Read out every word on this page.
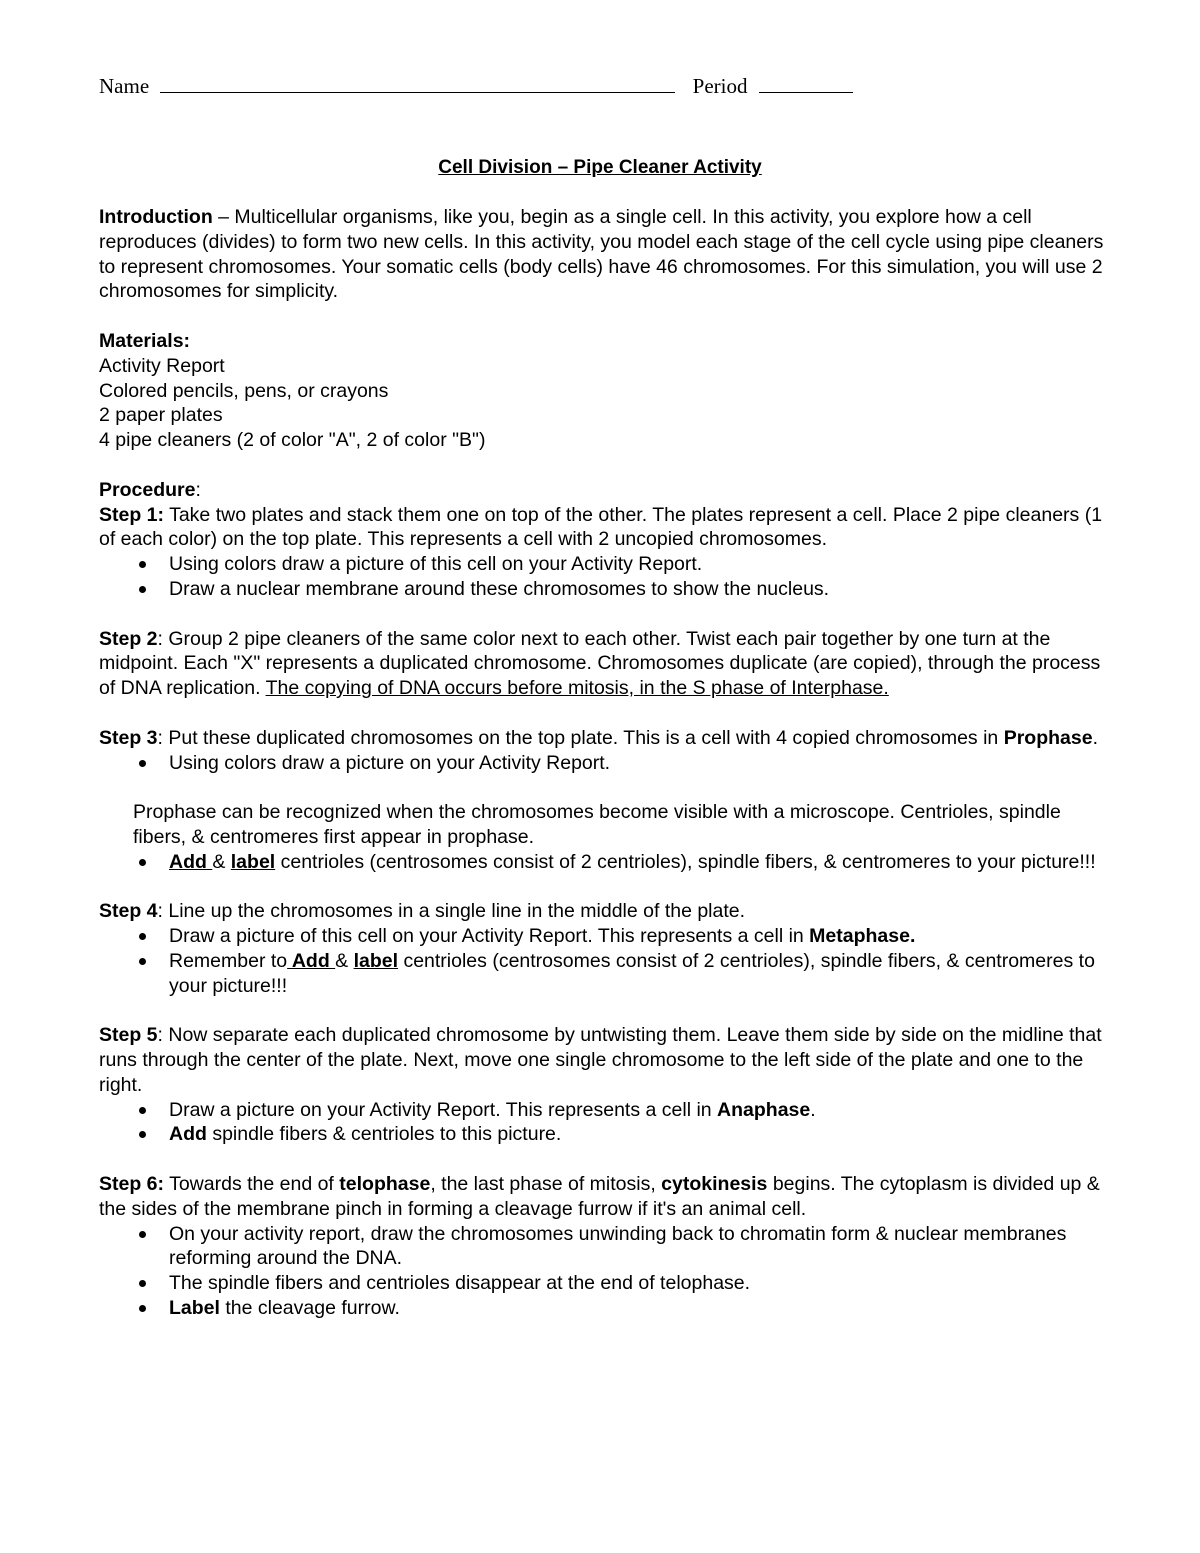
Name	Period
Cell Division – Pipe Cleaner Activity

Introduction – Multicellular organisms, like you, begin as a single cell. In this activity, you explore how a cell reproduces (divides) to form two new cells. In this activity, you model each stage of the cell cycle using pipe cleaners to represent chromosomes. Your somatic cells (body cells) have 46 chromosomes. For this simulation, you will use 2 chromosomes for simplicity.

Materials:

Activity Report

Colored pencils, pens, or crayons

2 paper plates

4 pipe cleaners (2 of color "A", 2 of color "B")

Procedure:

Step 1: Take two plates and stack them one on top of the other. The plates represent a cell. Place 2 pipe cleaners (1 of each color) on the top plate. This represents a cell with 2 uncopied chromosomes.

Using colors draw a picture of this cell on your Activity Report.
Draw a nuclear membrane around these chromosomes to show the nucleus.

Step 2: Group 2 pipe cleaners of the same color next to each other. Twist each pair together by one turn at the midpoint. Each "X" represents a duplicated chromosome. Chromosomes duplicate (are copied), through the process of DNA replication. The copying of DNA occurs before mitosis, in the S phase of Interphase.

Step 3: Put these duplicated chromosomes on the top plate. This is a cell with 4 copied chromosomes in Prophase.

Using colors draw a picture on your Activity Report.

Prophase can be recognized when the chromosomes become visible with a microscope. Centrioles, spindle fibers, & centromeres first appear in prophase.

Add & label centrioles (centrosomes consist of 2 centrioles), spindle fibers, & centromeres to your picture!!!

Step 4: Line up the chromosomes in a single line in the middle of the plate.

Draw a picture of this cell on your Activity Report. This represents a cell in Metaphase.
Remember to Add & label centrioles (centrosomes consist of 2 centrioles), spindle fibers, & centromeres to your picture!!!

Step 5: Now separate each duplicated chromosome by untwisting them. Leave them side by side on the midline that runs through the center of the plate. Next, move one single chromosome to the left side of the plate and one to the right.

Draw a picture on your Activity Report. This represents a cell in Anaphase.
Add spindle fibers & centrioles to this picture.

Step 6: Towards the end of telophase, the last phase of mitosis, cytokinesis begins. The cytoplasm is divided up & the sides of the membrane pinch in forming a cleavage furrow if it's an animal cell.

On your activity report, draw the chromosomes unwinding back to chromatin form & nuclear membranes reforming around the DNA.
The spindle fibers and centrioles disappear at the end of telophase.
Label the cleavage furrow.
